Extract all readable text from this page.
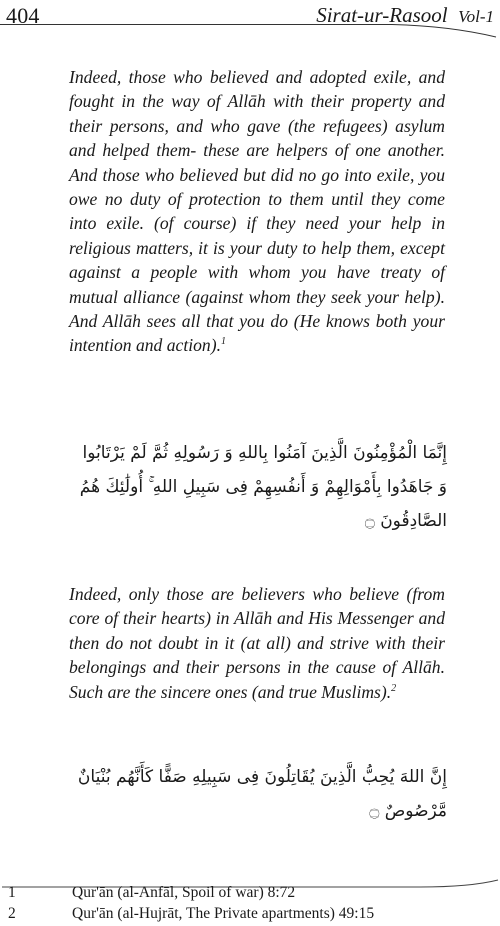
404	Sirat-ur-Rasool Vol-1

Indeed, those who believed and adopted exile, and fought in the way of Allāh with their property and their persons, and who gave (the refugees) asylum and helped them- these are helpers of one another. And those who believed but did no go into exile, you owe no duty of protection to them until they come into exile. (of course) if they need your help in religious matters, it is your duty to help them, except against a people with whom you have treaty of mutual alliance (against whom they seek your help). And Allāh sees all that you do (He knows both your intention and action).$^1$

إِنَّمَا الْمُؤْمِنُونَ الَّذِينَ آمَنُوا بِاللهِ وَ رَسُولِهِ ثُمَّ لَمْ يَرْتَابُوا وَ جَاهَدُوا بِأَمْوَالِهِمْ وَ أَنفُسِهِمْ فِى سَبِيلِ اللهِ ۚ أُولَٰئِكَ هُمُ الصَّادِقُونَ ۝

Indeed, only those are believers who believe (from core of their hearts) in Allāh and His Messenger and then do not doubt in it (at all) and strive with their belongings and their persons in the cause of Allāh. Such are the sincere ones (and true Muslims).$^2$

إِنَّ اللهَ يُحِبُّ الَّذِينَ يُقَاتِلُونَ فِى سَبِيلِهِ صَفًّا كَأَنَّهُم بُنْيَانٌ مَّرْصُوصٌ ۝

1	Qur'ān (al-Anfāl, Spoil of war) 8:72
2	Qur'ān (al-Hujrāt, The Private apartments) 49:15
